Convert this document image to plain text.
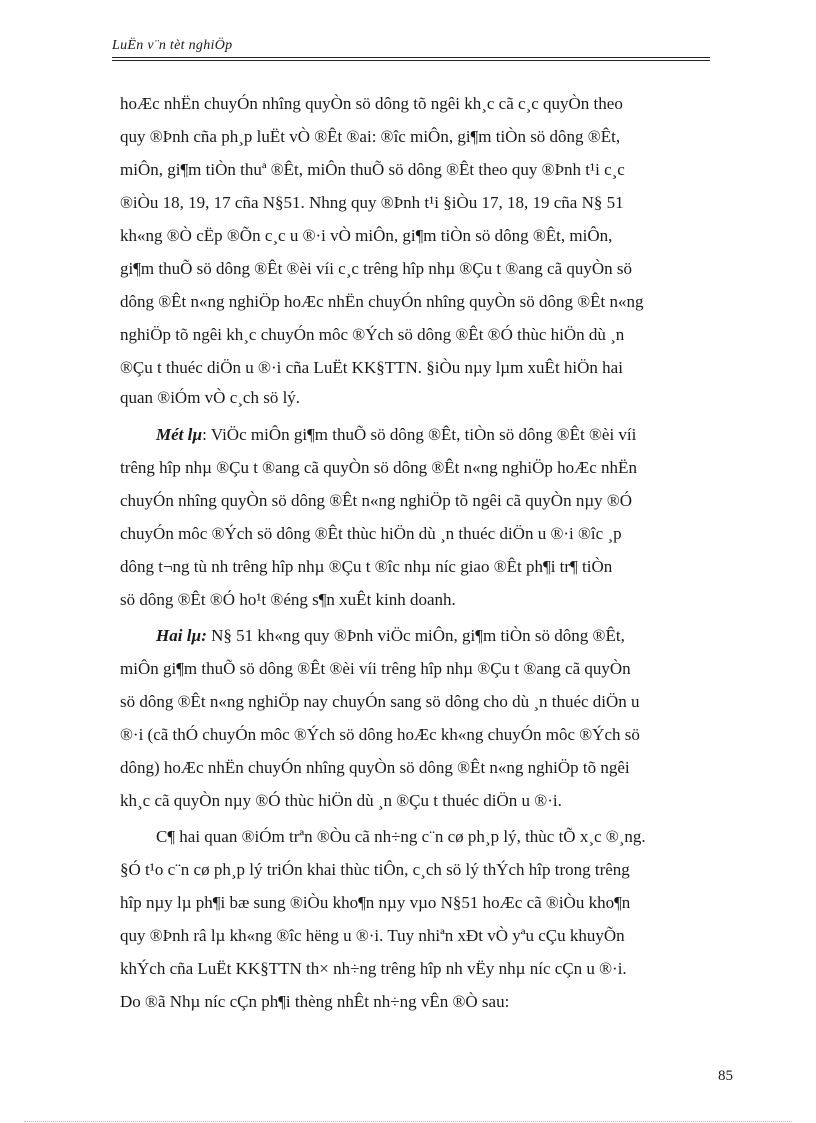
LuËn v¨n tèt nghiÖp
hoÆc nhËn chuyÓn nhîng quyÒn sö dông tõ ngêi kh¸c cã c¸c quyÒn theo
quy ®Þnh cña ph¸p luËt vÒ ®Êt ®ai: ®îc miÔn, gi¶m tiÒn sö dông ®Êt,
miÔn, gi¶m tiÒn thuª ®Êt, miÔn thuÕ sö dông ®Êt theo quy ®Þnh t¹i c¸c
®iÒu 18, 19, 17 cña N§51. Nhng quy ®Þnh t¹i §iÒu 17, 18, 19 cña N§ 51
kh«ng ®Ò cËp ®Õn c¸c u ®·i vÒ miÔn, gi¶m tiÒn sö dông ®Êt, miÔn,
gi¶m thuÕ sö dông ®Êt ®èi víi c¸c trêng hîp nhµ ®Çu t ®ang cã quyÒn sö
dông ®Êt n«ng nghiÖp hoÆc nhËn chuyÓn nhîng quyÒn sö dông ®Êt n«ng
nghiÖp tõ ngêi kh¸c chuyÓn môc ®Ých sö dông ®Êt ®Ó thùc hiÖn dù ¸n
®Çu t thuéc diÖn u ®·i cña LuËt KK§TTN. §iÒu nµy lµm xuÊt hiÖn hai
quan ®iÓm vÒ c¸ch sö lý.
Mét lµ: ViÖc miÔn gi¶m thuÕ sö dông ®Êt, tiÒn sö dông ®Êt ®èi víi
trêng hîp nhµ ®Çu t ®ang cã quyÒn sö dông ®Êt n«ng nghiÖp hoÆc nhËn
chuyÓn nhîng quyÒn sö dông ®Êt n«ng nghiÖp tõ ngêi cã quyÒn nµy ®Ó
chuyÓn môc ®Ých sö dông ®Êt thùc hiÖn dù ¸n thuéc diÖn u ®·i ®îc ¸p
dông t¬ng tù nh trêng hîp nhµ ®Çu t ®îc nhµ níc giao ®Êt ph¶i tr¶ tiÒn
sö dông ®Êt ®Ó ho¹t ®éng s¶n xuÊt kinh doanh.
Hai lµ: N§ 51 kh«ng quy ®Þnh viÖc miÔn, gi¶m tiÒn sö dông ®Êt,
miÔn gi¶m thuÕ sö dông ®Êt ®èi víi trêng hîp nhµ ®Çu t ®ang cã quyÒn
sö dông ®Êt n«ng nghiÖp nay chuyÓn sang sö dông cho dù ¸n thuéc diÖn u
®·i (cã thÓ chuyÓn môc ®Ých sö dông hoÆc kh«ng chuyÓn môc ®Ých sö
dông) hoÆc nhËn chuyÓn nhîng quyÒn sö dông ®Êt n«ng nghiÖp tõ ngêi
kh¸c cã quyÒn nµy ®Ó thùc hiÖn dù ¸n ®Çu t thuéc diÖn u ®·i.
C¶ hai quan ®iÓm trªn ®Òu cã nh÷ng c¨n cø ph¸p lý, thùc tÕ x¸c ®¸ng.
§Ó t¹o c¨n cø ph¸p lý triÓn khai thùc tiÔn, c¸ch sö lý thÝch hîp trong trêng
hîp nµy lµ ph¶i bæ sung ®iÒu kho¶n nµy vµo N§51 hoÆc cã ®iÒu kho¶n
quy ®Þnh râ lµ kh«ng ®îc hëng u ®·i. Tuy nhiªn xÐt vÒ yªu cÇu khuyÕn
khÝch cña LuËt KK§TTN th× nh÷ng trêng hîp nh vËy nhµ níc cÇn u ®·i.
Do ®ã Nhµ níc cÇn ph¶i thèng nhÊt nh÷ng vÊn ®Ò sau:
85
